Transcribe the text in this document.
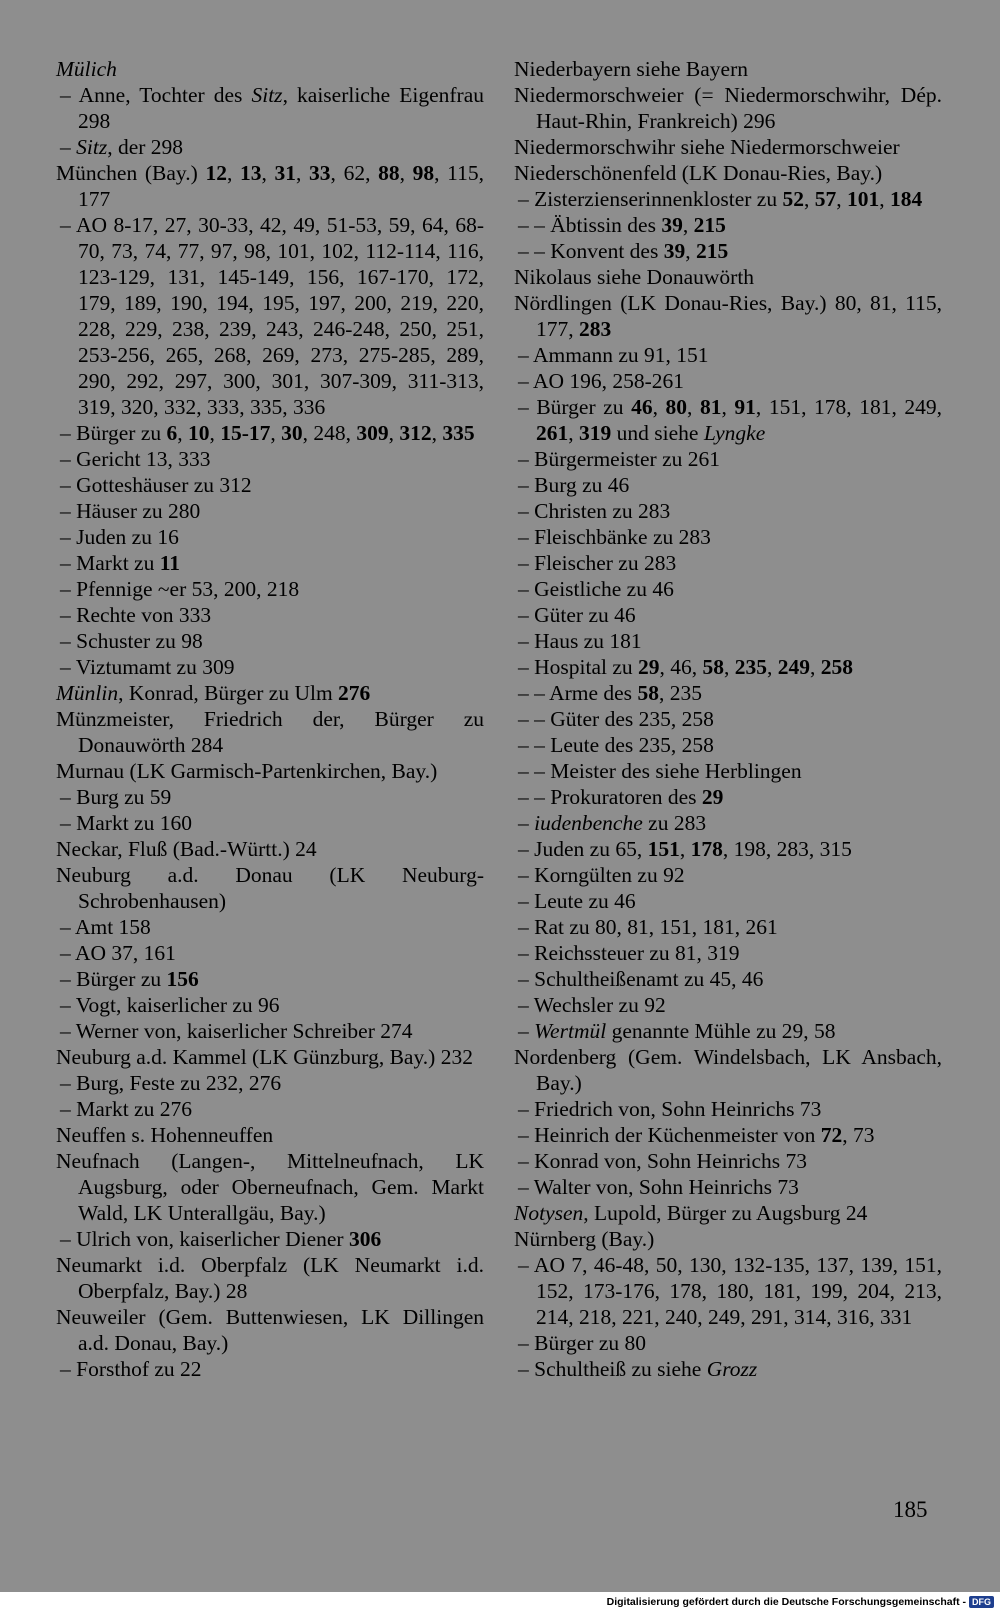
Mülich
– Anne, Tochter des Sitz, kaiserliche Eigenfrau 298
– Sitz, der 298
München (Bay.) 12, 13, 31, 33, 62, 88, 98, 115, 177
– AO 8-17, 27, 30-33, 42, 49, 51-53, 59, 64, 68-70, 73, 74, 77, 97, 98, 101, 102, 112-114, 116, 123-129, 131, 145-149, 156, 167-170, 172, 179, 189, 190, 194, 195, 197, 200, 219, 220, 228, 229, 238, 239, 243, 246-248, 250, 251, 253-256, 265, 268, 269, 273, 275-285, 289, 290, 292, 297, 300, 301, 307-309, 311-313, 319, 320, 332, 333, 335, 336
– Bürger zu 6, 10, 15-17, 30, 248, 309, 312, 335
– Gericht 13, 333
– Gotteshäuser zu 312
– Häuser zu 280
– Juden zu 16
– Markt zu 11
– Pfennige ~er 53, 200, 218
– Rechte von 333
– Schuster zu 98
– Viztumamt zu 309
Münlin, Konrad, Bürger zu Ulm 276
Münzmeister, Friedrich der, Bürger zu Donauwörth 284
Murnau (LK Garmisch-Partenkirchen, Bay.)
– Burg zu 59
– Markt zu 160
Neckar, Fluß (Bad.-Württ.) 24
Neuburg a.d. Donau (LK Neuburg-Schrobenhausen)
– Amt 158
– AO 37, 161
– Bürger zu 156
– Vogt, kaiserlicher zu 96
– Werner von, kaiserlicher Schreiber 274
Neuburg a.d. Kammel (LK Günzburg, Bay.) 232
– Burg, Feste zu 232, 276
– Markt zu 276
Neuffen s. Hohenneuffen
Neufnach (Langen-, Mittelneufnach, LK Augsburg, oder Oberneufnach, Gem. Markt Wald, LK Unterallgäu, Bay.)
– Ulrich von, kaiserlicher Diener 306
Neumarkt i.d. Oberpfalz (LK Neumarkt i.d. Oberpfalz, Bay.) 28
Neuweiler (Gem. Buttenwiesen, LK Dillingen a.d. Donau, Bay.)
– Forsthof zu 22
Niederbayern siehe Bayern
Niedermorschweier (= Niedermorschwihr, Dép. Haut-Rhin, Frankreich) 296
Niedermorschwihr siehe Niedermorschweier
Niederschönenfeld (LK Donau-Ries, Bay.)
– Zisterzienserinnenkloster zu 52, 57, 101, 184
– – Äbtissin des 39, 215
– – Konvent des 39, 215
Nikolaus siehe Donauwörth
Nördlingen (LK Donau-Ries, Bay.) 80, 81, 115, 177, 283
– Ammann zu 91, 151
– AO 196, 258-261
– Bürger zu 46, 80, 81, 91, 151, 178, 181, 249, 261, 319 und siehe Lyngke
– Bürgermeister zu 261
– Burg zu 46
– Christen zu 283
– Fleischbänke zu 283
– Fleischer zu 283
– Geistliche zu 46
– Güter zu 46
– Haus zu 181
– Hospital zu 29, 46, 58, 235, 249, 258
– – Arme des 58, 235
– – Güter des 235, 258
– – Leute des 235, 258
– – Meister des siehe Herblingen
– – Prokuratoren des 29
– iudenbenche zu 283
– Juden zu 65, 151, 178, 198, 283, 315
– Korngülten zu 92
– Leute zu 46
– Rat zu 80, 81, 151, 181, 261
– Reichssteuer zu 81, 319
– Schultheißenamt zu 45, 46
– Wechsler zu 92
– Wertmül genannte Mühle zu 29, 58
Nordenberg (Gem. Windelsbach, LK Ansbach, Bay.)
– Friedrich von, Sohn Heinrichs 73
– Heinrich der Küchenmeister von 72, 73
– Konrad von, Sohn Heinrichs 73
– Walter von, Sohn Heinrichs 73
Notysen, Lupold, Bürger zu Augsburg 24
Nürnberg (Bay.)
– AO 7, 46-48, 50, 130, 132-135, 137, 139, 151, 152, 173-176, 178, 180, 181, 199, 204, 213, 214, 218, 221, 240, 249, 291, 314, 316, 331
– Bürger zu 80
– Schultheiß zu siehe Grozz
185
Digitalisierung gefördert durch die Deutsche Forschungsgemeinschaft - DFG
